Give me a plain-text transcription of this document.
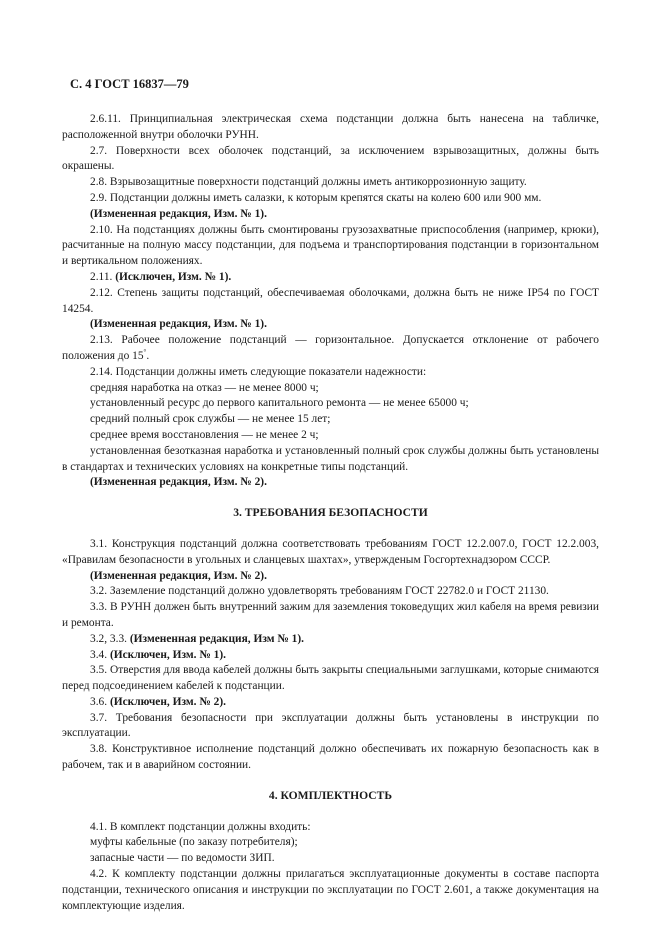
С. 4 ГОСТ 16837—79

2.6.11. Принципиальная электрическая схема подстанции должна быть нанесена на табличке, расположенной внутри оболочки РУНН.

2.7. Поверхности всех оболочек подстанций, за исключением взрывозащитных, должны быть окрашены.

2.8. Взрывозащитные поверхности подстанций должны иметь антикоррозионную защиту.

2.9. Подстанции должны иметь салазки, к которым крепятся скаты на колею 600 или 900 мм.

(Измененная редакция, Изм. № 1).

2.10. На подстанциях должны быть смонтированы грузозахватные приспособления (например, крюки), расчитанные на полную массу подстанции, для подъема и транспортирования подстанции в горизонтальном и вертикальном положениях.

2.11. (Исключен, Изм. № 1).

2.12. Степень защиты подстанций, обеспечиваемая оболочками, должна быть не ниже IP54 по ГОСТ 14254.

(Измененная редакция, Изм. № 1).

2.13. Рабочее положение подстанций — горизонтальное. Допускается отклонение от рабочего положения до 15°.

2.14. Подстанции должны иметь следующие показатели надежности:

средняя наработка на отказ — не менее 8000 ч;

установленный ресурс до первого капитального ремонта — не менее 65000 ч;

средний полный срок службы — не менее 15 лет;

среднее время восстановления — не менее 2 ч;

установленная безотказная наработка и установленный полный срок службы должны быть установлены в стандартах и технических условиях на конкретные типы подстанций.

(Измененная редакция, Изм. № 2).

3. ТРЕБОВАНИЯ БЕЗОПАСНОСТИ

3.1. Конструкция подстанций должна соответствовать требованиям ГОСТ 12.2.007.0, ГОСТ 12.2.003, «Правилам безопасности в угольных и сланцевых шахтах», утвержденым Госгортехнадзором СССР.

(Измененная редакция, Изм. № 2).

3.2. Заземление подстанций должно удовлетворять требованиям ГОСТ 22782.0 и ГОСТ 21130.

3.3. В РУНН должен быть внутренний зажим для заземления токоведущих жил кабеля на время ревизии и ремонта.

3.2, 3.3. (Измененная редакция, Изм № 1).

3.4. (Исключен, Изм. № 1).

3.5. Отверстия для ввода кабелей должны быть закрыты специальными заглушками, которые снимаются перед подсоединением кабелей к подстанции.

3.6. (Исключен, Изм. № 2).

3.7. Требования безопасности при эксплуатации должны быть установлены в инструкции по эксплуатации.

3.8. Конструктивное исполнение подстанций должно обеспечивать их пожарную безопасность как в рабочем, так и в аварийном состоянии.

4. КОМПЛЕКТНОСТЬ

4.1. В комплект подстанции должны входить:

муфты кабельные (по заказу потребителя);

запасные части — по ведомости ЗИП.

4.2. К комплекту подстанции должны прилагаться эксплуатационные документы в составе паспорта подстанции, технического описания и инструкции по эксплуатации по ГОСТ 2.601, а также документация на комплектующие изделия.
